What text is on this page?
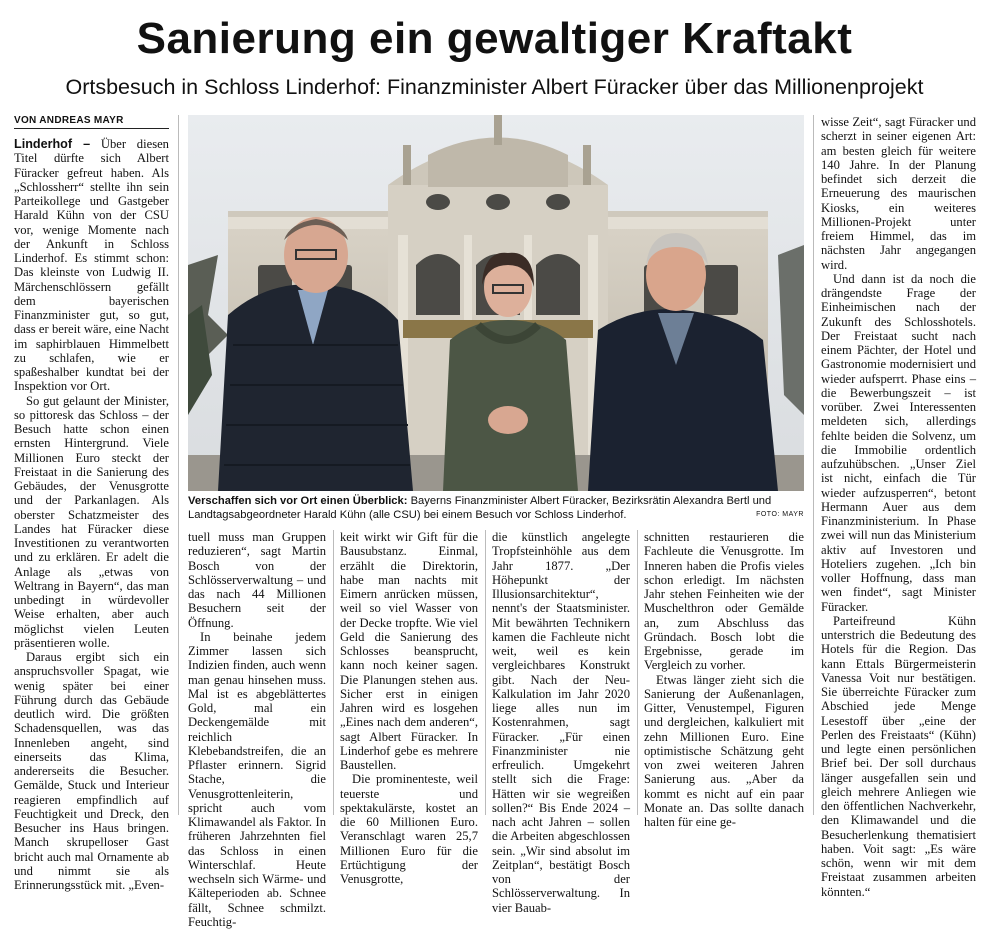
Sanierung ein gewaltiger Kraftakt
Ortsbesuch in Schloss Linderhof: Finanzminister Albert Füracker über das Millionenprojekt
VON ANDREAS MAYR

Linderhof – Über diesen Titel dürfte sich Albert Füracker gefreut haben. Als „Schlossherr“ stellte ihn sein Parteikollege und Gastgeber Harald Kühn von der CSU vor, wenige Momente nach der Ankunft in Schloss Linderhof. Es stimmt schon: Das kleinste von Ludwig II. Märchenschlössern gefällt dem bayerischen Finanzminister gut, so gut, dass er bereit wäre, eine Nacht im saphirblauen Himmelbett zu schlafen, wie er spaßeshalber kundtat bei der Inspektion vor Ort.

So gut gelaunt der Minister, so pittoresk das Schloss – der Besuch hatte schon einen ernsten Hintergrund. Viele Millionen Euro steckt der Freistaat in die Sanierung des Gebäudes, der Venusgrotte und der Parkanlagen. Als oberster Schatzmeister des Landes hat Füracker diese Investitionen zu verantworten und zu erklären. Er adelt die Anlage als „etwas von Weltrang in Bayern“, das man unbedingt in würdevoller Weise erhalten, aber auch möglichst vielen Leuten präsentieren wolle.

Daraus ergibt sich ein anspruchsvoller Spagat, wie wenig später bei einer Führung durch das Gebäude deutlich wird. Die größten Schadensquellen, was das Innenleben angeht, sind einerseits das Klima, andererseits die Besucher. Gemälde, Stuck und Interieur reagieren empfindlich auf Feuchtigkeit und Dreck, den Besucher ins Haus bringen. Manch skrupelloser Gast bricht auch mal Ornamente ab und nimmt sie als Erinnerungsstück mit. „Even-

Verschaffen sich vor Ort einen Überblick: Bayerns Finanzminister Albert Füracker, Bezirksrätin Alexandra Bertl und Landtagsabgeordneter Harald Kühn (alle CSU) bei einem Besuch vor Schloss Linderhof.	FOTO: MAYR

tuell muss man Gruppen reduzieren“, sagt Martin Bosch von der Schlösserverwaltung – und das nach 44 Millionen Besuchern seit der Öffnung.

In beinahe jedem Zimmer lassen sich Indizien finden, auch wenn man genau hinsehen muss. Mal ist es abgeblättertes Gold, mal ein Deckengemälde mit reichlich Klebebandstreifen, die an Pflaster erinnern. Sigrid Stache, die Venusgrottenleiterin, spricht auch vom Klimawandel als Faktor. In früheren Jahrzehnten fiel das Schloss in einen Winterschlaf. Heute wechseln sich Wärme- und Kälteperioden ab. Schnee fällt, Schnee schmilzt. Feuchtig-

keit wirkt wir Gift für die Bausubstanz. Einmal, erzählt die Direktorin, habe man nachts mit Eimern anrücken müssen, weil so viel Wasser von der Decke tropfte. Wie viel Geld die Sanierung des Schlosses beansprucht, kann noch keiner sagen. Die Planungen stehen aus. Sicher erst in einigen Jahren wird es losgehen „Eines nach dem anderen“, sagt Albert Füracker. In Linderhof gebe es mehrere Baustellen.

Die prominenteste, weil teuerste und spektakulärste, kostet an die 60 Millionen Euro. Veranschlagt waren 25,7 Millionen Euro für die Ertüchtigung der Venusgrotte,

die künstlich angelegte Tropfsteinhöhle aus dem Jahr 1877. „Der Höhepunkt der Illusionsarchitektur“, nennt's der Staatsminister. Mit bewährten Technikern kamen die Fachleute nicht weit, weil es kein vergleichbares Konstrukt gibt. Nach der Neu-Kalkulation im Jahr 2020 liege alles nun im Kostenrahmen, sagt Füracker. „Für einen Finanzminister nie erfreulich. Umgekehrt stellt sich die Frage: Hätten wir sie wegreißen sollen?“ Bis Ende 2024 – nach acht Jahren – sollen die Arbeiten abgeschlossen sein. „Wir sind absolut im Zeitplan“, bestätigt Bosch von der Schlösserverwaltung. In vier Bauab-

schnitten restaurieren die Fachleute die Venusgrotte. Im Inneren haben die Profis vieles schon erledigt. Im nächsten Jahr stehen Feinheiten wie der Muschelthron oder Gemälde an, zum Abschluss das Gründach. Bosch lobt die Ergebnisse, gerade im Vergleich zu vorher.

Etwas länger zieht sich die Sanierung der Außenanlagen, Gitter, Venustempel, Figuren und dergleichen, kalkuliert mit zehn Millionen Euro. Eine optimistische Schätzung geht von zwei weiteren Jahren Sanierung aus. „Aber da kommt es nicht auf ein paar Monate an. Das sollte danach halten für eine ge-

wisse Zeit“, sagt Füracker und scherzt in seiner eigenen Art: am besten gleich für weitere 140 Jahre. In der Planung befindet sich derzeit die Erneuerung des maurischen Kiosks, ein weiteres Millionen-Projekt unter freiem Himmel, das im nächsten Jahr angegangen wird.

Und dann ist da noch die drängendste Frage der Einheimischen nach der Zukunft des Schlosshotels. Der Freistaat sucht nach einem Pächter, der Hotel und Gastronomie modernisiert und wieder aufsperrt. Phase eins – die Bewerbungszeit – ist vorüber. Zwei Interessenten meldeten sich, allerdings fehlte beiden die Solvenz, um die Immobilie ordentlich aufzuhübschen. „Unser Ziel ist nicht, einfach die Tür wieder aufzusperren“, betont Hermann Auer aus dem Finanzministerium. In Phase zwei will nun das Ministerium aktiv auf Investoren und Hoteliers zugehen. „Ich bin voller Hoffnung, dass man wen findet“, sagt Minister Füracker.

Parteifreund Kühn unterstrich die Bedeutung des Hotels für die Region. Das kann Ettals Bürgermeisterin Vanessa Voit nur bestätigen. Sie überreichte Füracker zum Abschied jede Menge Lesestoff über „eine der Perlen des Freistaats“ (Kühn) und legte einen persönlichen Brief bei. Der soll durchaus länger ausgefallen sein und gleich mehrere Anliegen wie den öffentlichen Nachverkehr, den Klimawandel und die Besucherlenkung thematisiert haben. Voit sagt: „Es wäre schön, wenn wir mit dem Freistaat zusammen arbeiten könnten.“
